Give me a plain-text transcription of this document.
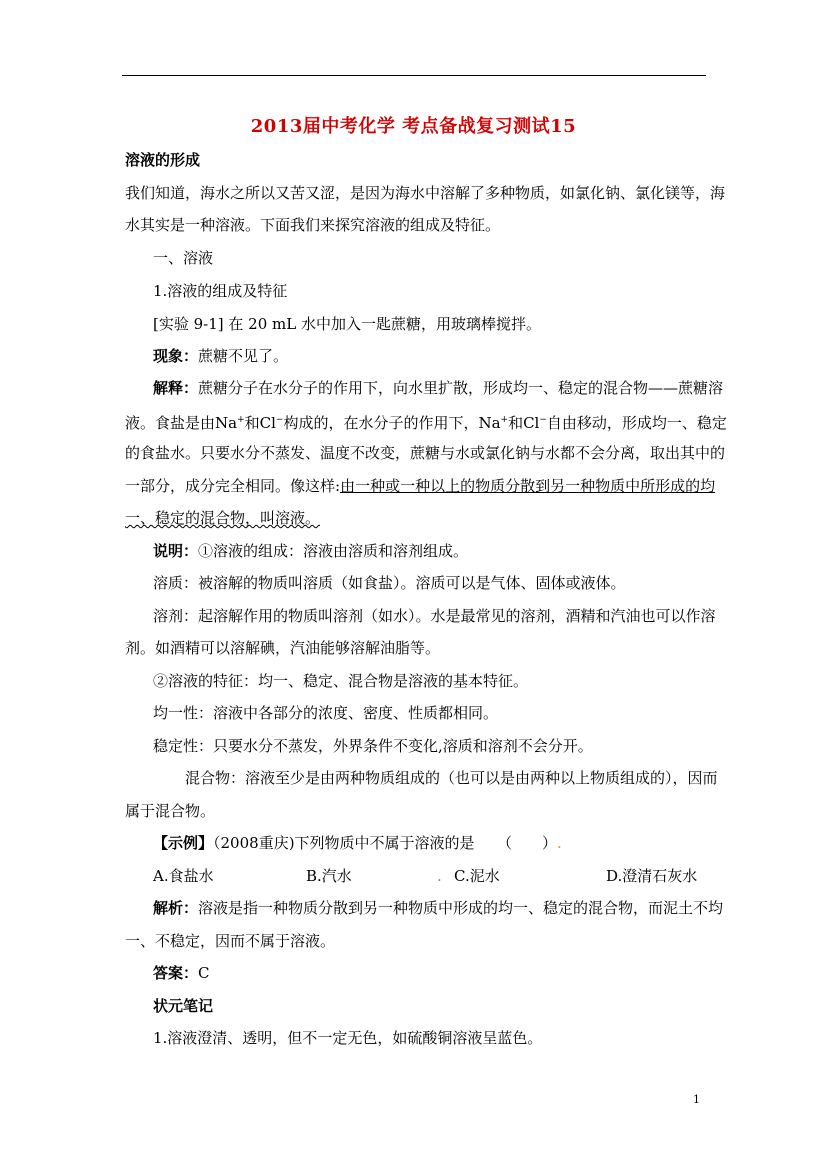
2013届中考化学 考点备战复习测试15
溶液的形成
我们知道，海水之所以又苦又涩，是因为海水中溶解了多种物质，如氯化钠、氯化镁等，海
水其实是一种溶液。下面我们来探究溶液的组成及特征。
一、溶液
1.溶液的组成及特征
[实验 9-1] 在 20 mL 水中加入一匙蔗糖，用玻璃棒搅拌。
现象：蔗糖不见了。
解释：蔗糖分子在水分子的作用下，向水里扩散，形成均一、稳定的混合物——蔗糖溶
液。食盐是由Na+和Cl−构成的，在水分子的作用下，Na+和Cl−自由移动，形成均一、稳定
的食盐水。只要水分不蒸发、温度不改变，蔗糖与水或氯化钠与水都不会分离，取出其中的
一部分，成分完全相同。像这样:由一种或一种以上的物质分散到另一种物质中所形成的均
一、稳定的混合物，叫溶液。
说明：①溶液的组成：溶液由溶质和溶剂组成。
溶质：被溶解的物质叫溶质（如食盐）。溶质可以是气体、固体或液体。
溶剂：起溶解作用的物质叫溶剂（如水）。水是最常见的溶剂，酒精和汽油也可以作溶
剂。如酒精可以溶解碘，汽油能够溶解油脂等。
②溶液的特征：均一、稳定、混合物是溶液的基本特征。
均一性：溶液中各部分的浓度、密度、性质都相同。
稳定性：只要水分不蒸发，外界条件不变化,溶质和溶剂不会分开。
混合物：溶液至少是由两种物质组成的（也可以是由两种以上物质组成的），因而
属于混合物。
【示例】（2008重庆)下列物质中不属于溶液的是　　（　　）.
A.食盐水	B.汽水	. C.泥水	D.澄清石灰水
解析：溶液是指一种物质分散到另一种物质中形成的均一、稳定的混合物，而泥土不均
一、不稳定，因而不属于溶液。
答案：C
状元笔记
1.溶液澄清、透明，但不一定无色，如硫酸铜溶液呈蓝色。
1
